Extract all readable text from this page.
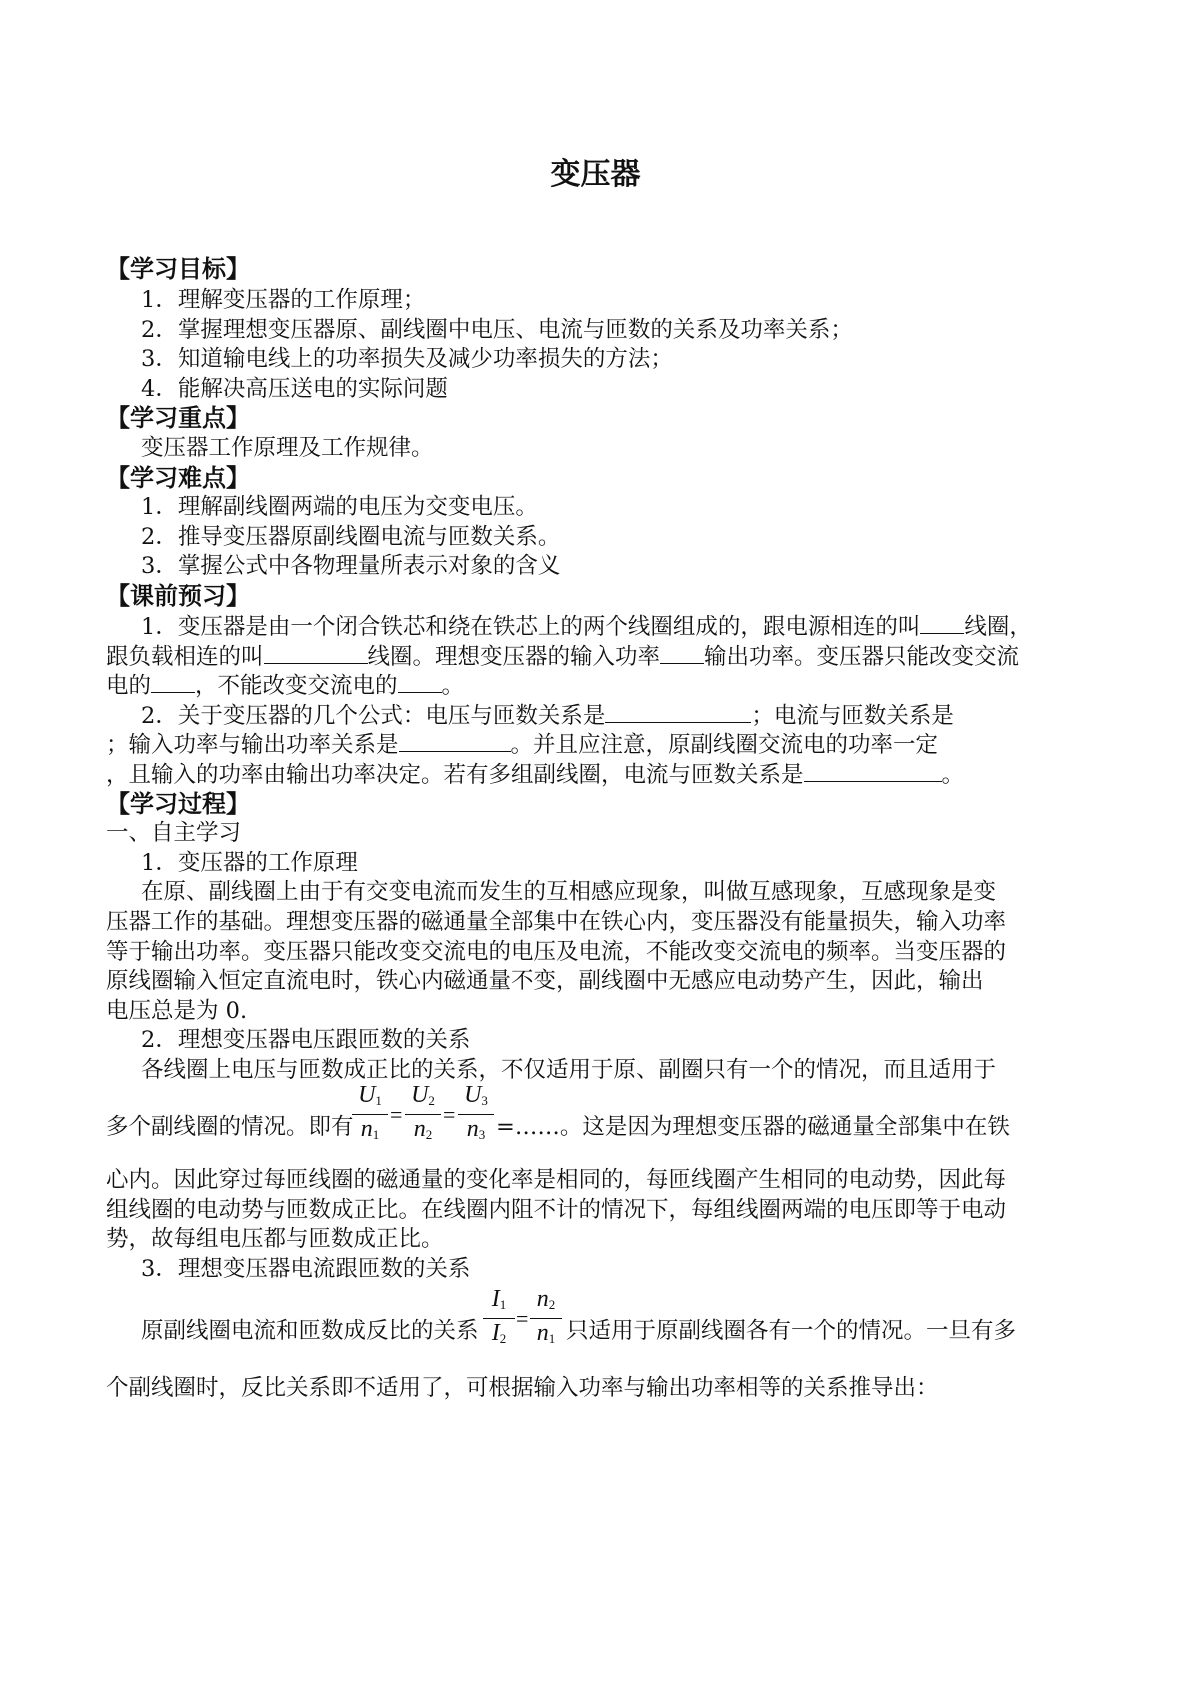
变压器
【学习目标】
1．理解变压器的工作原理；
2．掌握理想变压器原、副线圈中电压、电流与匝数的关系及功率关系；
3．知道输电线上的功率损失及减少功率损失的方法；
4．能解决高压送电的实际问题
【学习重点】
变压器工作原理及工作规律。
【学习难点】
1．理解副线圈两端的电压为交变电压。
2．推导变压器原副线圈电流与匝数关系。
3．掌握公式中各物理量所表示对象的含义
【课前预习】
1．变压器是由一个闭合铁芯和绕在铁芯上的两个线圈组成的，跟电源相连的叫 线圈，
跟负载相连的叫	线圈。理想变压器的输入功率 输出功率。变压器只能改变交流
电的 ，不能改变交流电的 。
2．关于变压器的几个公式：电压与匝数关系是	；电流与匝数关系是
；输入功率与输出功率关系是	。并且应注意，原副线圈交流电的功率一定
，且输入的功率由输出功率决定。若有多组副线圈，电流与匝数关系是	。
【学习过程】
一、自主学习
1．变压器的工作原理
在原、副线圈上由于有交变电流而发生的互相感应现象，叫做互感现象，互感现象是变
压器工作的基础。理想变压器的磁通量全部集中在铁心内，变压器没有能量损失，输入功率
等于输出功率。变压器只能改变交流电的电压及电流，不能改变交流电的频率。当变压器的
原线圈输入恒定直流电时，铁心内磁通量不变，副线圈中无感应电动势产生，因此，输出
电压总是为 0.
2．理想变压器电压跟匝数的关系
各线圈上电压与匝数成正比的关系，不仅适用于原、副圈只有一个的情况，而且适用于
多个副线圈的情况。即有
$U_1$
$n_1$
=
$U_2$
$n_2$
=
$U_3$
$n_3$ =……。这是因为理想变压器的磁通量全部集中在铁
心内。因此穿过每匝线圈的磁通量的变化率是相同的，每匝线圈产生相同的电动势，因此每
组线圈的电动势与匝数成正比。在线圈内阻不计的情况下，每组线圈两端的电压即等于电动
势，故每组电压都与匝数成正比。
3．理想变压器电流跟匝数的关系
原副线圈电流和匝数成反比的关系
$I_1$
$I_2$
=
$n_2$
$n_1$ 只适用于原副线圈各有一个的情况。一旦有多
个副线圈时，反比关系即不适用了，可根据输入功率与输出功率相等的关系推导出：
